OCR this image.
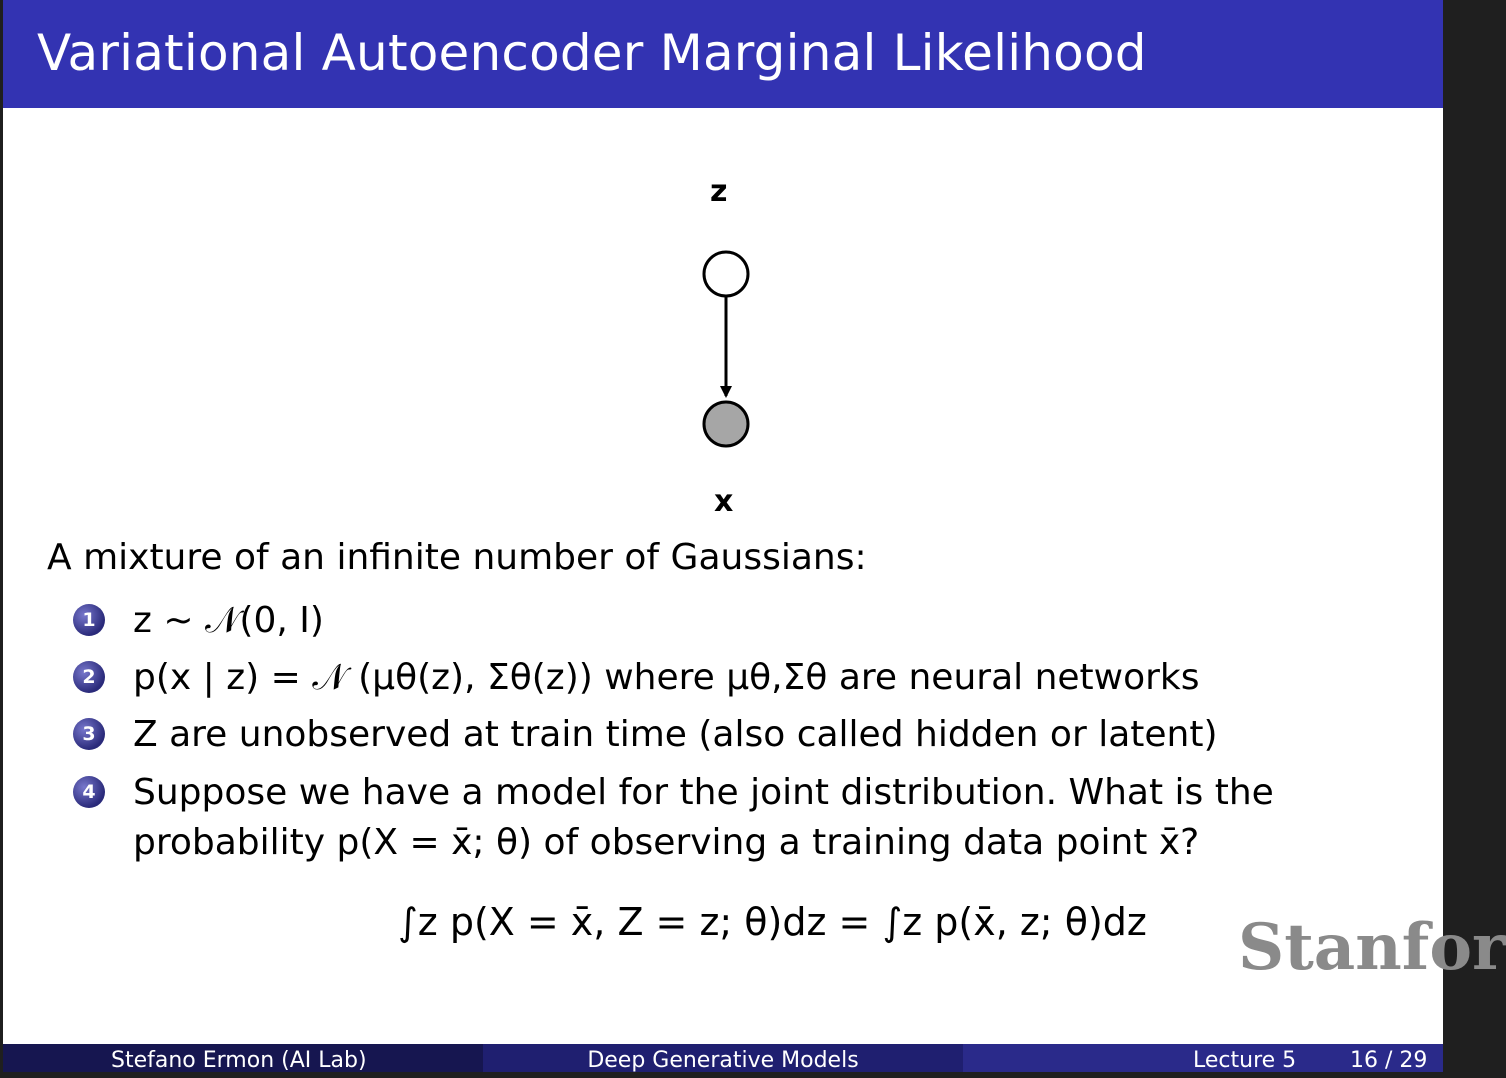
Variational Autoencoder Marginal Likelihood
z
x
A mixture of an infinite number of Gaussians:
1 z ~ 𝒩(0, I)
2 p(x | z) = 𝒩 (μθ(z), Σθ(z)) where μθ,Σθ are neural networks
3 Z are unobserved at train time (also called hidden or latent)
4 Suppose we have a model for the joint distribution. What is the
probability p(X = x̄; θ) of observing a training data point x̄?
∫z p(X = x̄, Z = z; θ)dz = ∫z p(x̄, z; θ)dz Stanfor
Stefano Ermon (AI Lab)	Deep Generative Models	Lecture 5 16 / 29
